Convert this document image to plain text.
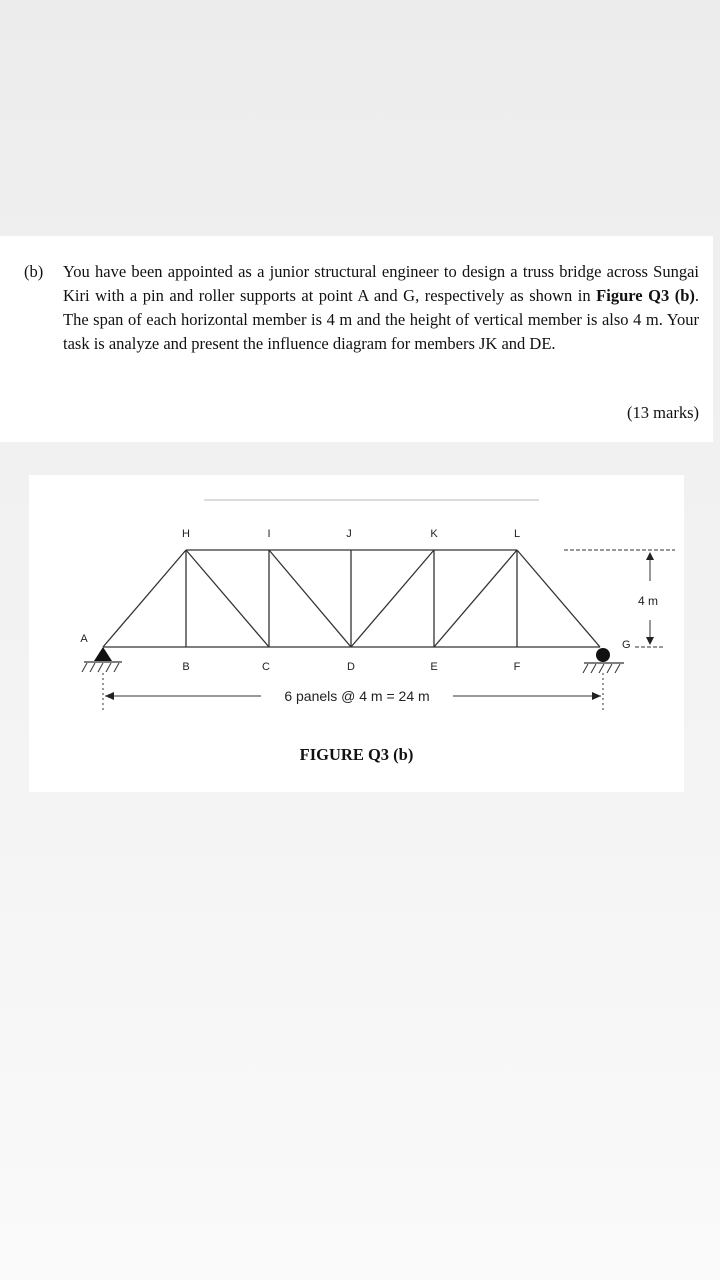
(b) You have been appointed as a junior structural engineer to design a truss bridge across Sungai Kiri with a pin and roller supports at point A and G, respectively as shown in Figure Q3 (b). The span of each horizontal member is 4 m and the height of vertical member is also 4 m. Your task is analyze and present the influence diagram for members JK and DE.

(13 marks)
H	I	J	K	L
B	C	D	E	F
A	G
6 panels @ 4 m = 24 m
4 m
FIGURE Q3 (b)
